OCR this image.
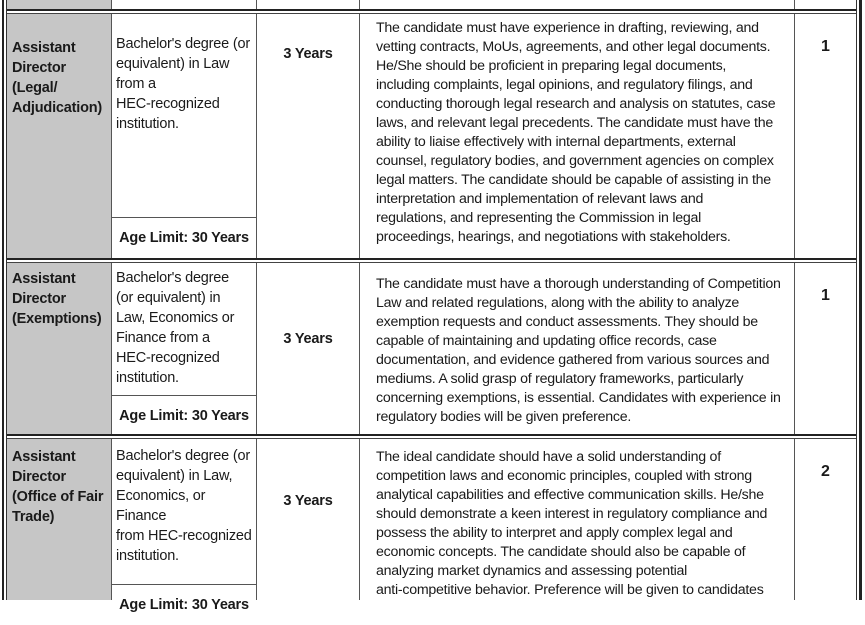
Assistant
Director
(Legal/
Adjudication)
Bachelor's degree (or
equivalent) in Law
from a
HEC-recognized
institution.
Age Limit: 30 Years
3 Years
The candidate must have experience in drafting, reviewing, and
vetting contracts, MoUs, agreements, and other legal documents.
He/She should be proficient in preparing legal documents,
including complaints, legal opinions, and regulatory filings, and
conducting thorough legal research and analysis on statutes, case
laws, and relevant legal precedents. The candidate must have the
ability to liaise effectively with internal departments, external
counsel, regulatory bodies, and government agencies on complex
legal matters. The candidate should be capable of assisting in the
interpretation and implementation of relevant laws and
regulations, and representing the Commission in legal
proceedings, hearings, and negotiations with stakeholders.
1
Assistant
Director
(Exemptions)
Bachelor's degree
(or equivalent) in
Law, Economics or
Finance from a
HEC-recognized
institution.
Age Limit: 30 Years
3 Years
The candidate must have a thorough understanding of Competition
Law and related regulations, along with the ability to analyze
exemption requests and conduct assessments. They should be
capable of maintaining and updating office records, case
documentation, and evidence gathered from various sources and
mediums. A solid grasp of regulatory frameworks, particularly
concerning exemptions, is essential. Candidates with experience in
regulatory bodies will be given preference.
1
Assistant
Director
(Office of Fair
Trade)
Bachelor's degree (or
equivalent) in Law,
Economics, or Finance
from HEC-recognized
institution.
Age Limit: 30 Years
3 Years
The ideal candidate should have a solid understanding of
competition laws and economic principles, coupled with strong
analytical capabilities and effective communication skills. He/she
should demonstrate a keen interest in regulatory compliance and
possess the ability to interpret and apply complex legal and
economic concepts. The candidate should also be capable of
analyzing market dynamics and assessing potential
anti-competitive behavior. Preference will be given to candidates
2
